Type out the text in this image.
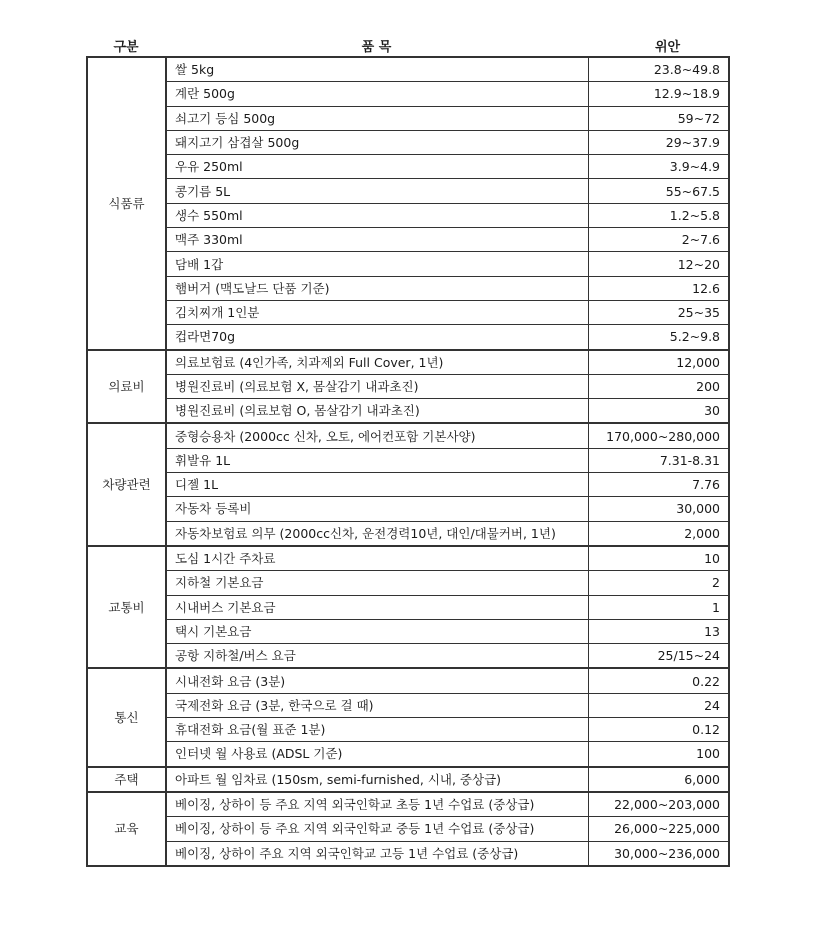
구분	품 목	위안
식품류	쌀 5kg	23.8~49.8
	계란 500g	12.9~18.9
	쇠고기 등심 500g	59~72
	돼지고기 삼겹살 500g	29~37.9
	우유 250ml	3.9~4.9
	콩기름 5L	55~67.5
	생수 550ml	1.2~5.8
	맥주 330ml	2~7.6
	담배 1갑	12~20
	햄버거 (맥도날드 단품 기준)	12.6
	김치찌개 1인분	25~35
	컵라면70g	5.2~9.8
의료비	의료보험료 (4인가족, 치과제외 Full Cover, 1년)	12,000
	병원진료비 (의료보험 X, 몸살감기 내과초진)	200
	병원진료비 (의료보험 O, 몸살감기 내과초진)	30
차량관련	중형승용차 (2000cc 신차, 오토, 에어컨포함 기본사양)	170,000~280,000
	휘발유 1L	7.31-8.31
	디젤 1L	7.76
	자동차 등록비	30,000
	자동차보험료 의무 (2000cc신차, 운전경력10년, 대인/대물커버, 1년)	2,000
교통비	도심 1시간 주차료	10
	지하철 기본요금	2
	시내버스 기본요금	1
	택시 기본요금	13
	공항 지하철/버스 요금	25/15~24
통신	시내전화 요금 (3분)	0.22
	국제전화 요금 (3분, 한국으로 걸 때)	24
	휴대전화 요금(월 표준 1분)	0.12
	인터넷 월 사용료 (ADSL 기준)	100
주택	아파트 월 임차료 (150sm, semi-furnished, 시내, 중상급)	6,000
교육	베이징, 상하이 등 주요 지역 외국인학교 초등 1년 수업료 (중상급)	22,000~203,000
	베이징, 상하이 등 주요 지역 외국인학교 중등 1년 수업료 (중상급)	26,000~225,000
	베이징, 상하이 주요 지역 외국인학교 고등 1년 수업료 (중상급)	30,000~236,000
